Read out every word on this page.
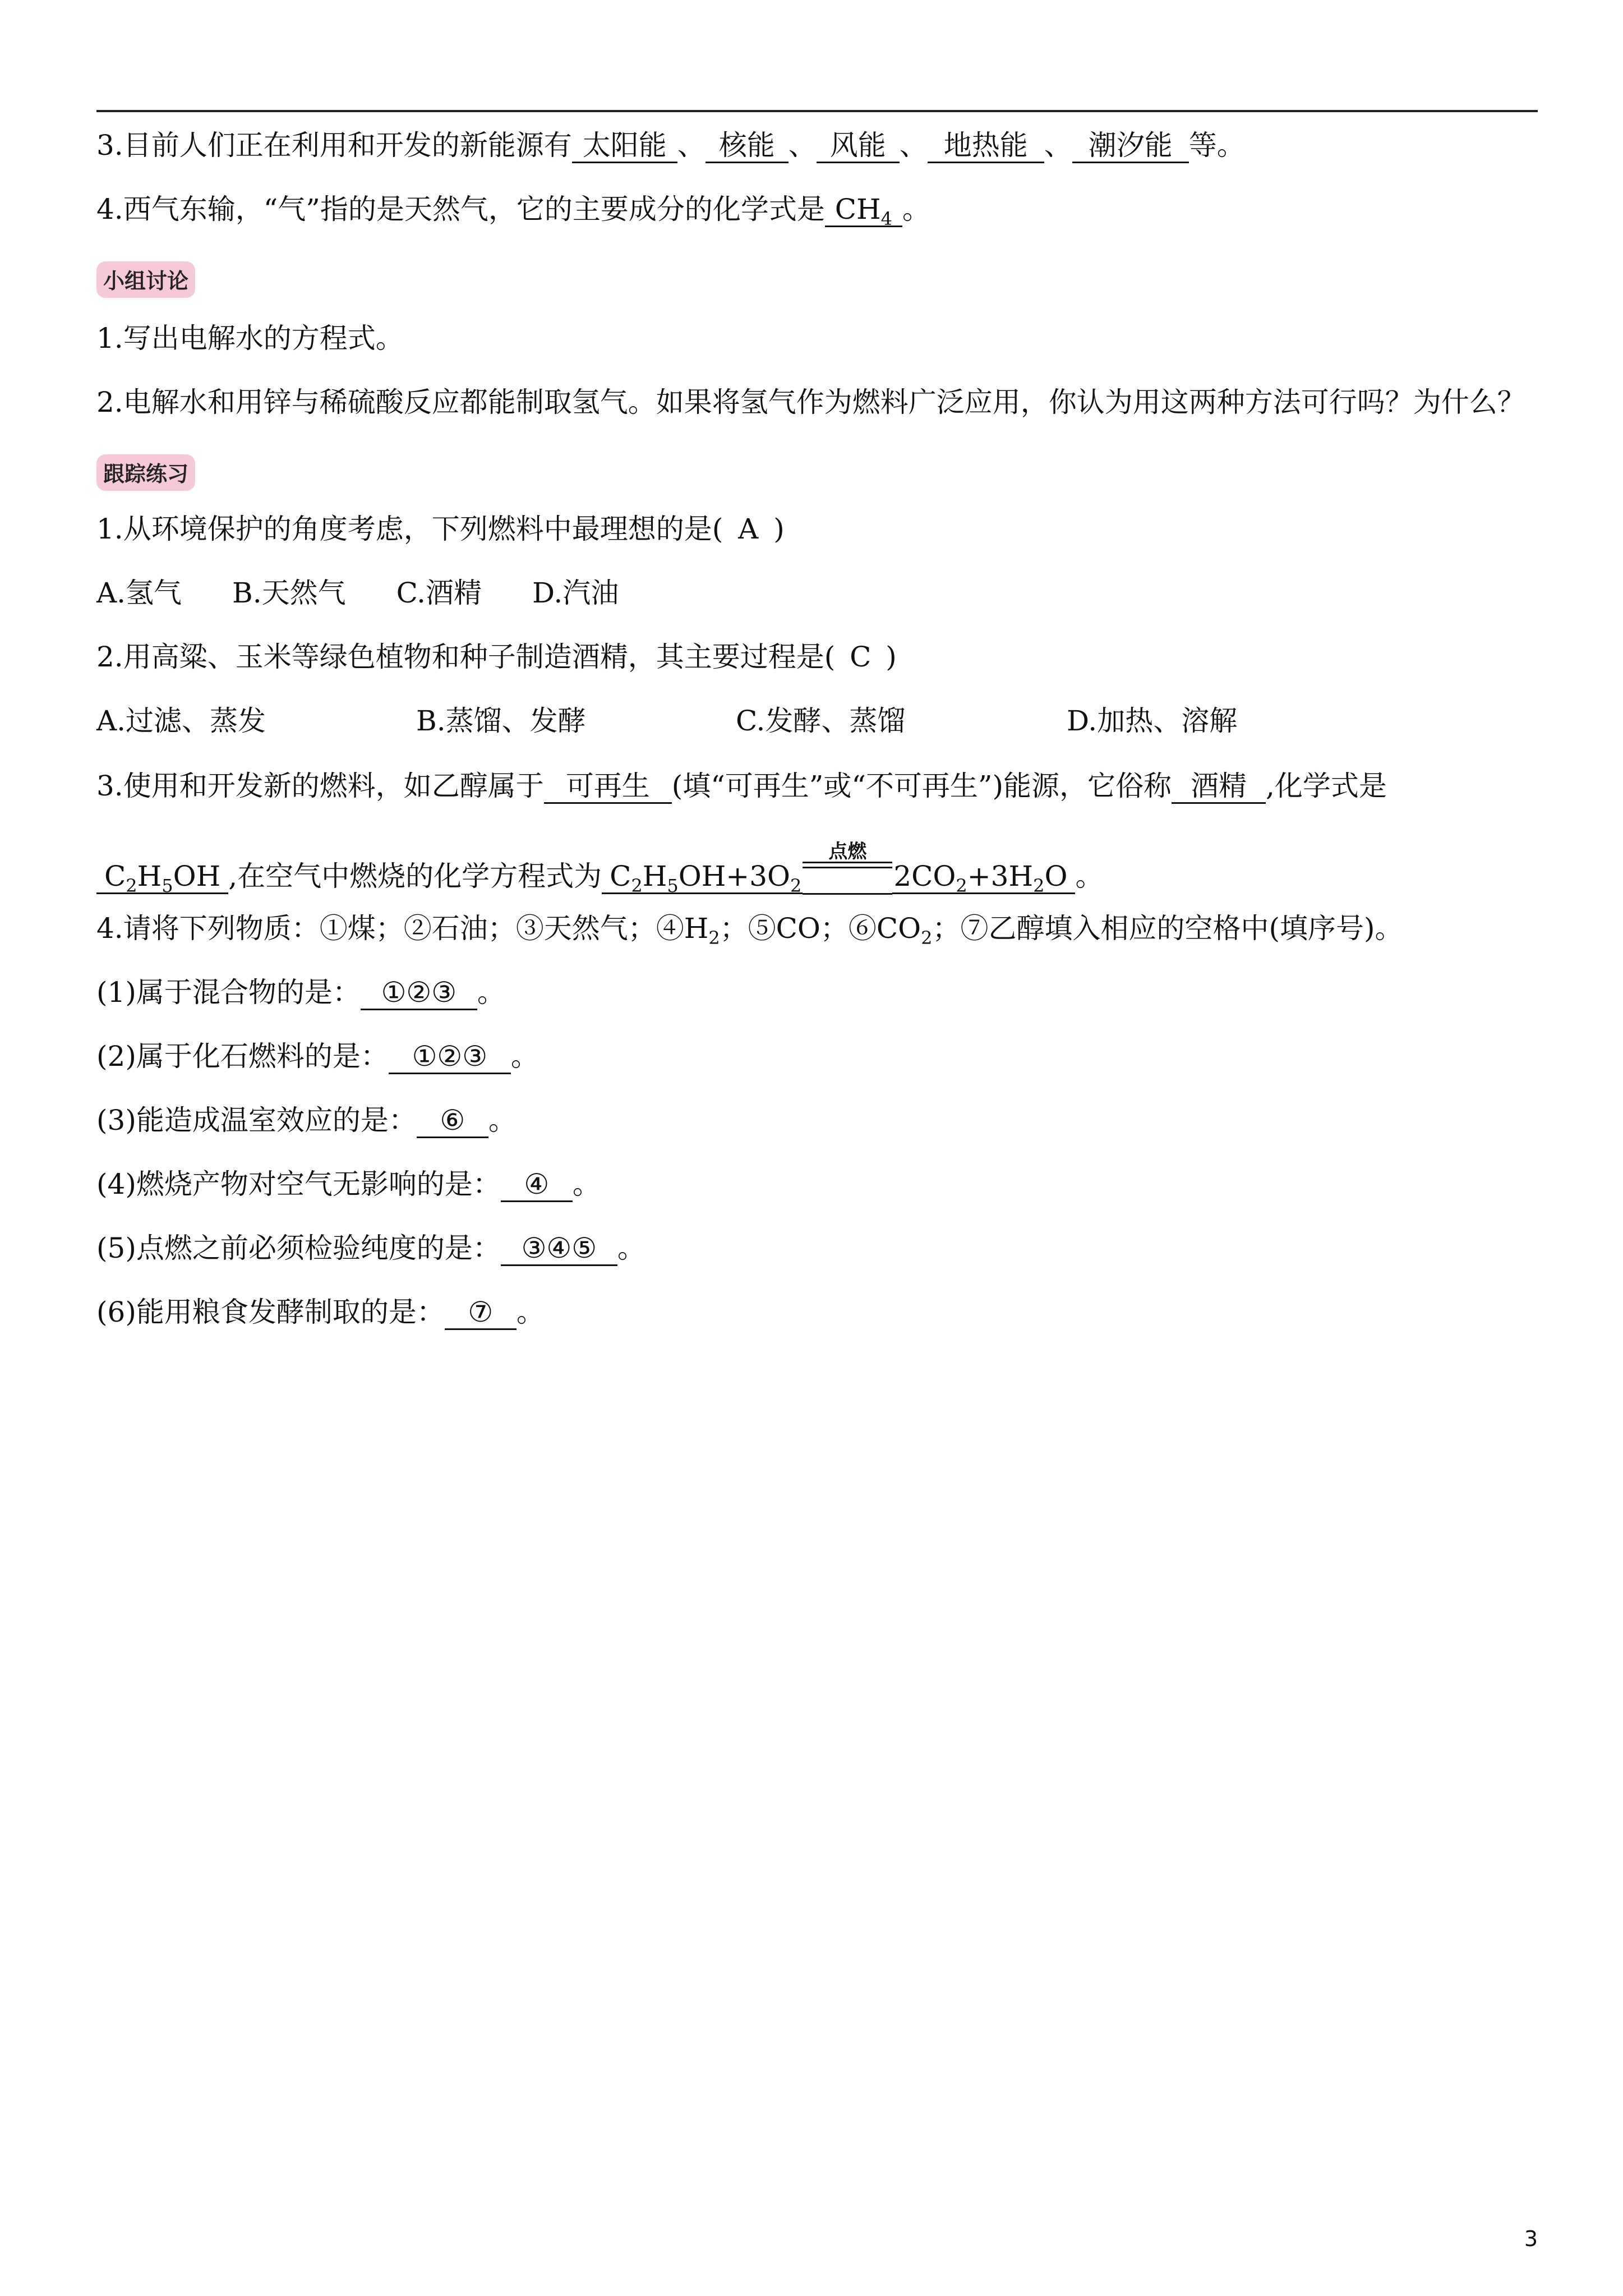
3.目前人们正在利用和开发的新能源有 太阳能 、 核能 、 风能 、 地热能 、 潮汐能 等。
4.西气东输，“气”指的是天然气，它的主要成分的化学式是 $CH_4$ 。
小组讨论
1.写出电解水的方程式。
2.电解水和用锌与稀硫酸反应都能制取氢气。如果将氢气作为燃料广泛应用，你认为用这两种方法可行吗？为什么？
跟踪练习
1.从环境保护的角度考虑，下列燃料中最理想的是( A )
A.氢气 B.天然气 C.酒精 D.汽油
2.用高粱、玉米等绿色植物和种子制造酒精，其主要过程是( C )
A.过滤、蒸发	B.蒸馏、发酵	C.发酵、蒸馏	D.加热、溶解
3.使用和开发新的燃料，如乙醇属于 可再生 (填“可再生”或“不可再生”)能源，它俗称 酒精 ,化学式是
$C_2H_5OH$ ,在空气中燃烧的化学方程式为 $C_2H_5OH+3O_2$
点燃
$2CO_2+3H_2O$ 。
4.请将下列物质：①煤；②石油；③天然气；$④H_2$；⑤CO；$⑥CO_2$；⑦乙醇填入相应的空格中(填序号)。
(1)属于混合物的是： ①②③ 。
(2)属于化石燃料的是： ①②③ 。
(3)能造成温室效应的是： ⑥ 。
(4)燃烧产物对空气无影响的是： ④ 。
(5)点燃之前必须检验纯度的是： ③④⑤ 。
(6)能用粮食发酵制取的是： ⑦ 。
3
